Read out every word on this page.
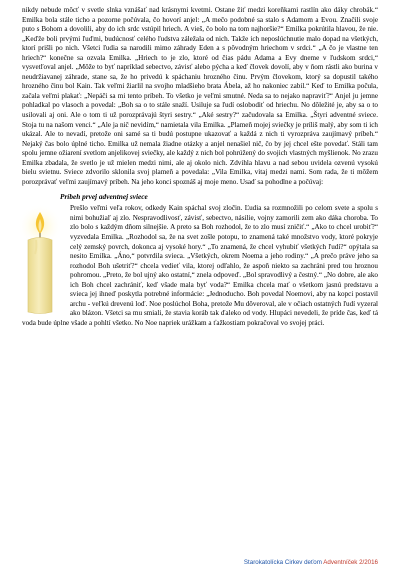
nikdy nebude môcť v svetle slnka vznášať nad krásnymi kvetmi. Ostane žiť medzi koreňkami rastlín ako dáky chrobák.“ Emilka bola stále ticho a pozorne počúvala, čo hovorí anjel: „A mečo podobné sa stalo s Adamom a Evou. Značili svoje puto s Bohom a dovolili, aby do ich srdc vstúpil hriech. A vieš, čo bolo na tom najhoršie?“ Emilka pokrútila hlavou, že nie. „Keďže boli prvými ľuďmi, budúcnosť celého ľudstva záležala od nich. Takže ich neposlúchnutie malo dopad na všetkých, ktorí prišli po nich. Všetci ľudia sa narodili mimo záhrady Eden a s pôvodným hriechom v srdci.“ „A čo je vlastne ten hriech?“ konečne sa ozvala Emilka. „Hriech to je zlo, ktoré od čias pádu Adama a Evy dneme v ľudskom srdci,“ vysvetľoval anjel. „Môže to byť napríklad sebectvo, závisť alebo pýcha a keď človek dovolí, aby v ňom rástli ako burina v neudržiavanej záhrade, stane sa, že ho privedú k spáchaniu hrozného činu. Prvým človekom, ktorý sa dopustil takého hrozného činu bol Kain. Tak veľmi žiarlil na svojho mladšieho brata Ábela, až ho nakoniec zabil.“ Keď to Emilka počula, začala veľmi plakať: „Nepáči sa mi tento príbeh. To všetko je veľmi smutné. Neda sa to nejako napraviť?“ Anjel ju jemne pohladkal po vlasoch a povedal: „Boh sa o to stále snaží. Usiluje sa ľudí oslobodiť od hriechu. No dôležité je, aby sa o to usilovali aj oni. Ale o tom ti už porozprávajú štyri sestry.“ „Aké sestry?“ začudovala sa Emilka. „Štyri adventné sviece. Stoja tu na našom venci.“ „Ale ja nič nevidím,“ namietala vila Emilka. „Plameň mojej sviečky je príliš malý, aby som ti ich ukázal. Ale to nevadí, pretože oni samé sa ti budú postupne ukazovať a každá z nich ti vyrozpráva zaujímavý príbeh.“ Nejaký čas bolo úplné ticho. Emilka už nemala žiadne otázky a anjel nenašiel nič, čo by jej chcel ešte povedať. Stáli tam spolu jemne ožiarení svetlom anjelikovej sviečky, ale každý z nich bol pohrúžený do svojich vlastných myšlienok. No zrazu Emilka zbadala, že svetlo je už mielen medzi nimi, ale aj okolo nich. Zdvihla hlavu a nad sebou uvidela ozvenú vysokú bielu svietnu. Sviece zdvorilo sklonila svoj plameň a povedala: „Vila Emilka, vitaj medzi nami. Som rada, že ti môžem porozprávať veľmi zaujímavý príbeh. Na jeho konci spoznáš aj moje meno. Usaď sa pohodlne a počúvaj:

Príbeh prvej adventnej sviece

Prešlo veľmi veľa rokov, odkedy Kain spáchal svoj zločin. Ľudia sa rozmnožili po celom svete a spolu s nimi bohužiaľ aj zlo. Nespravodlivosť, závisť, sebectvo, násilie, vojny zamorili zem ako dáka choroba. To zlo bolo s každým dňom silnejšie. A preto sa Boh rozhodol, že to zlo musí zničiť.“ „Ako to chcel urobiť?“ vyzvedala Emilka. „Rozhodol sa, že na svet zošle potopu, to znamená také množstvo vody, ktoré pokryje celý zemský povrch, dokonca aj vysoké hory.“ „To znamená, že chcel vyhubiť všetkých ľudí?“ opýtala sa nesito Emilka. „Áno,“ potvrdila svieca. „Všetkých, okrem Noema a jeho rodiny.“ „A prečo práve jeho sa rozhodol Boh ušetriť?“ chcela vedieť vila, ktorej odľahlo, že aspoň niekto sa zachráni pred tou hroznou pohromou. „Preto, že bol ujný ako ostatní,“ znela odpoveď. „Bol spravodlivý a čestný.“ „No dobre, ale ako ich Boh chcel zachrániť, keď všade mala byť voda?“ Emilka chcela mať o všetkom jasnú predstavu a svieca jej ihneď poskytla potrebné informácie: „Jednoducho. Boh povedal Noemovi, aby na kopci postavil archu - veľkú drevenú loď. Noe poslúchol Boha, pretože Mu dôveroval, ale v očiach ostatných ľudí vyzeral ako blázon. Všetci sa mu smiali, že stavia koráb tak ďaleko od vody. Hlupáci nevedeli, že príde čas, keď tá voda bude úplne všade a pohltí všetko. No Noe napriek urážkam a ťažkostiam pokračoval vo svojej práci.

Starokatolícka Cirkev deťom Adventníček 2/2016
